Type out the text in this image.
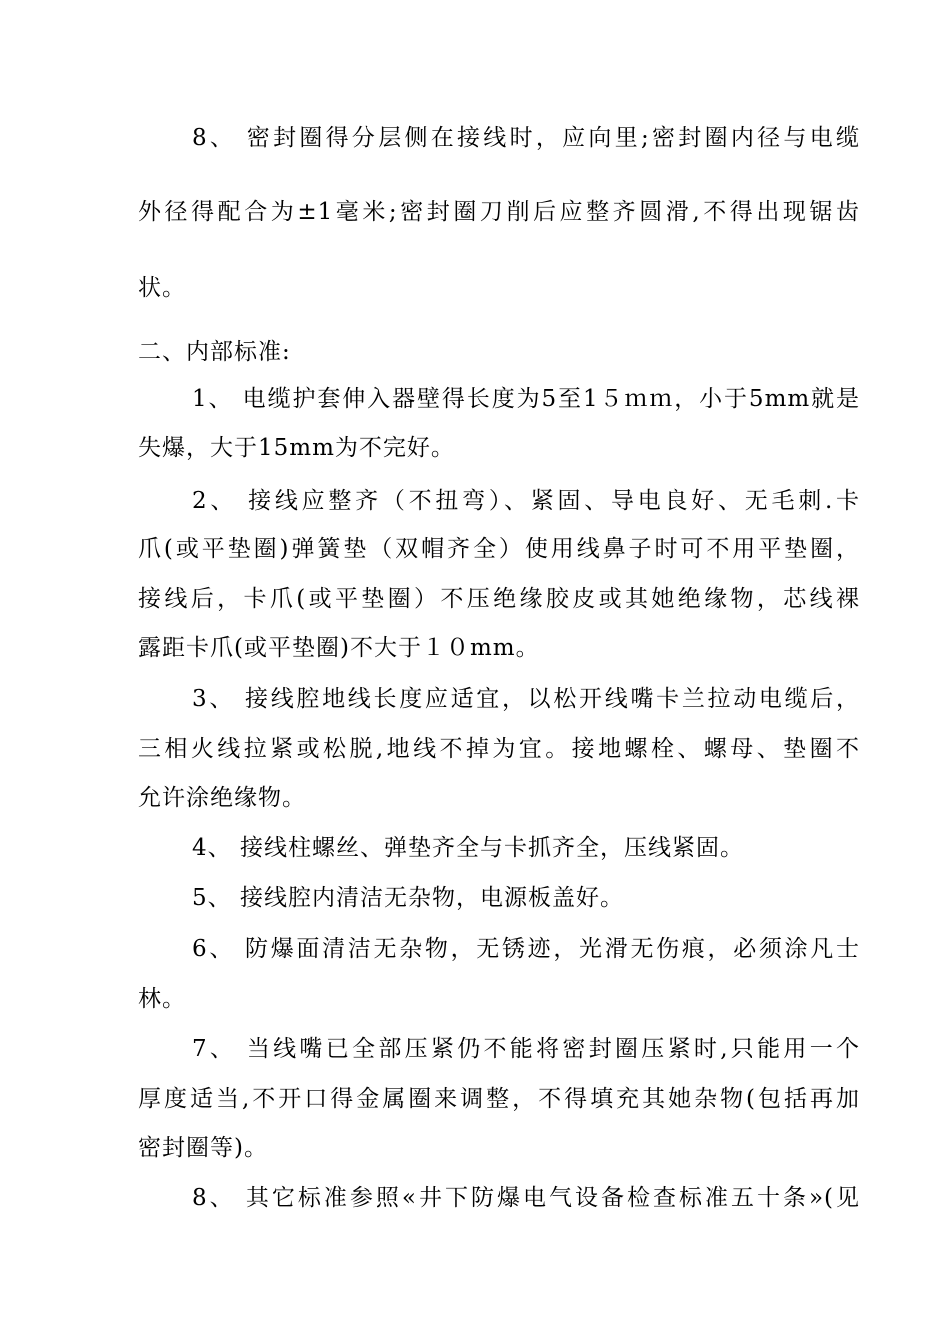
8、 密封圈得分层侧在接线时，应向里;密封圈内径与电缆
外径得配合为±1毫米;密封圈刀削后应整齐圆滑,不得出现锯齿
状。
二、内部标准:
1、 电缆护套伸入器壁得长度为5至1５ｍｍ，小于5mm就是
失爆，大于15mm为不完好。
2、 接线应整齐（不扭弯）、紧固、导电良好、无毛刺.卡
爪(或平垫圈)弹簧垫（双帽齐全）使用线鼻子时可不用平垫圈，
接线后，卡爪(或平垫圈）不压绝缘胶皮或其她绝缘物，芯线裸
露距卡爪(或平垫圈)不大于１０mm。
3、 接线腔地线长度应适宜，以松开线嘴卡兰拉动电缆后，
三相火线拉紧或松脱,地线不掉为宜。接地螺栓、螺母、垫圈不
允许涂绝缘物。
4、 接线柱螺丝、弹垫齐全与卡抓齐全，压线紧固。
5、 接线腔内清洁无杂物，电源板盖好。
6、 防爆面清洁无杂物，无锈迹，光滑无伤痕，必须涂凡士
林。
7、 当线嘴已全部压紧仍不能将密封圈压紧时,只能用一个
厚度适当,不开口得金属圈来调整，不得填充其她杂物(包括再加
密封圈等)。
8、 其它标准参照«井下防爆电气设备检查标准五十条»(见
